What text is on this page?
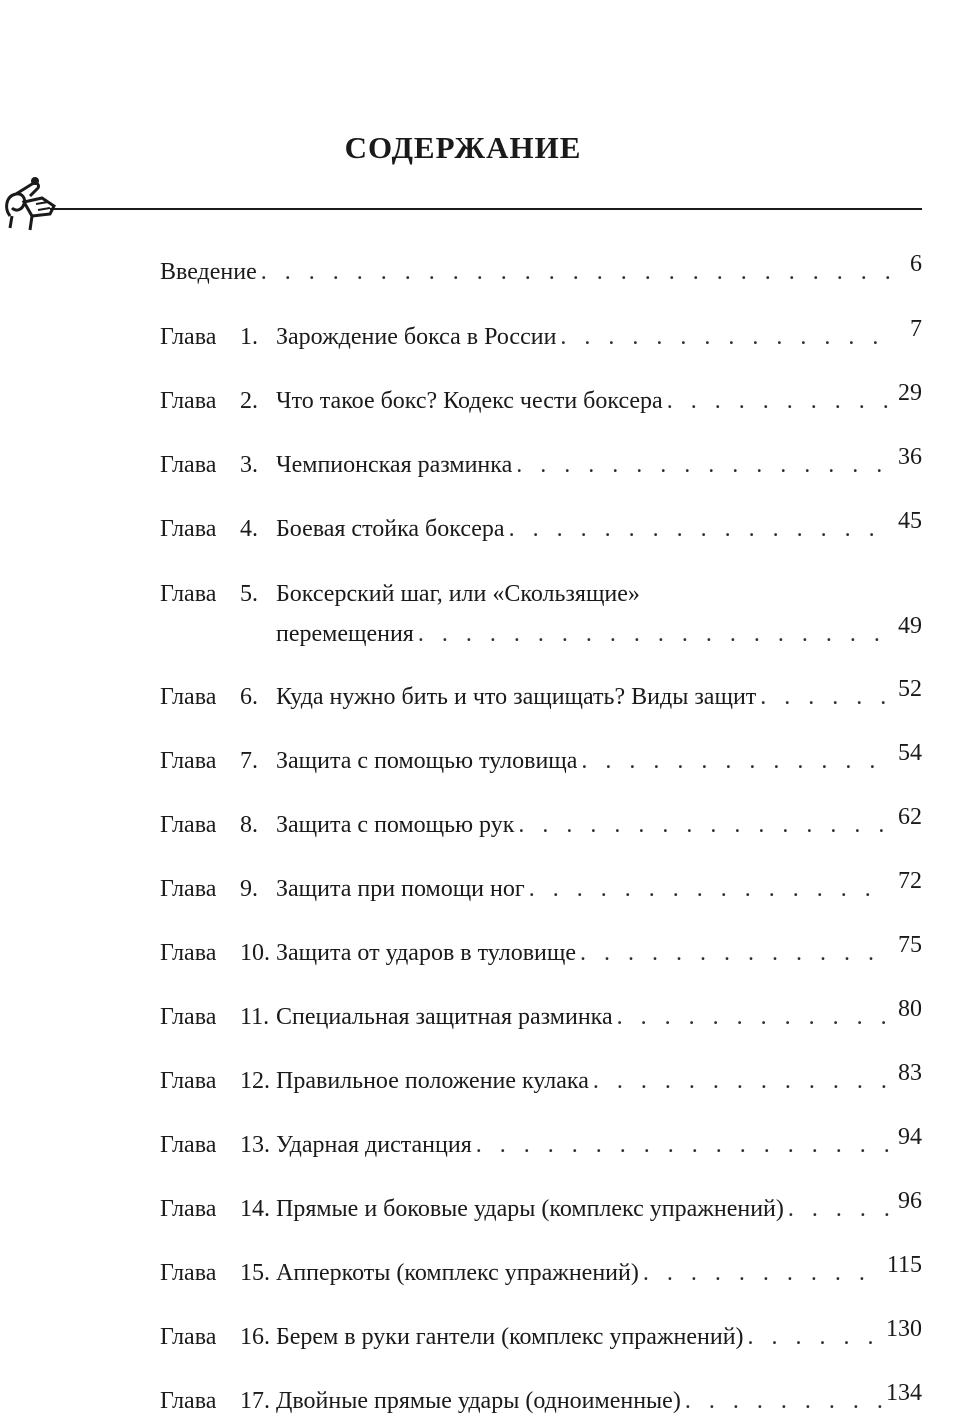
СОДЕРЖАНИЕ
Введение . . .	6
Глава 1. Зарождение бокса в России . . .	7
Глава 2. Что такое бокс? Кодекс чести боксера . . .	29
Глава 3. Чемпионская разминка . . .	36
Глава 4. Боевая стойка боксера . . .	45
Глава 5. Боксерский шаг, или «Скользящие»
перемещения . . .	49
Глава 6. Куда нужно бить и что защищать? Виды защит . . .	52
Глава 7. Защита с помощью туловища . . .	54
Глава 8. Защита с помощью рук . . .	62
Глава 9. Защита при помощи ног . . .	72
Глава 10. Защита от ударов в туловище . . .	75
Глава 11. Специальная защитная разминка . . .	80
Глава 12. Правильное положение кулака . . .	83
Глава 13. Ударная дистанция . . .	94
Глава 14. Прямые и боковые удары (комплекс упражнений) . . .	96
Глава 15. Апперкоты (комплекс упражнений) . . .	115
Глава 16. Берем в руки гантели (комплекс упражнений) . . .	130
Глава 17. Двойные прямые удары (одноименные) . . .	134
